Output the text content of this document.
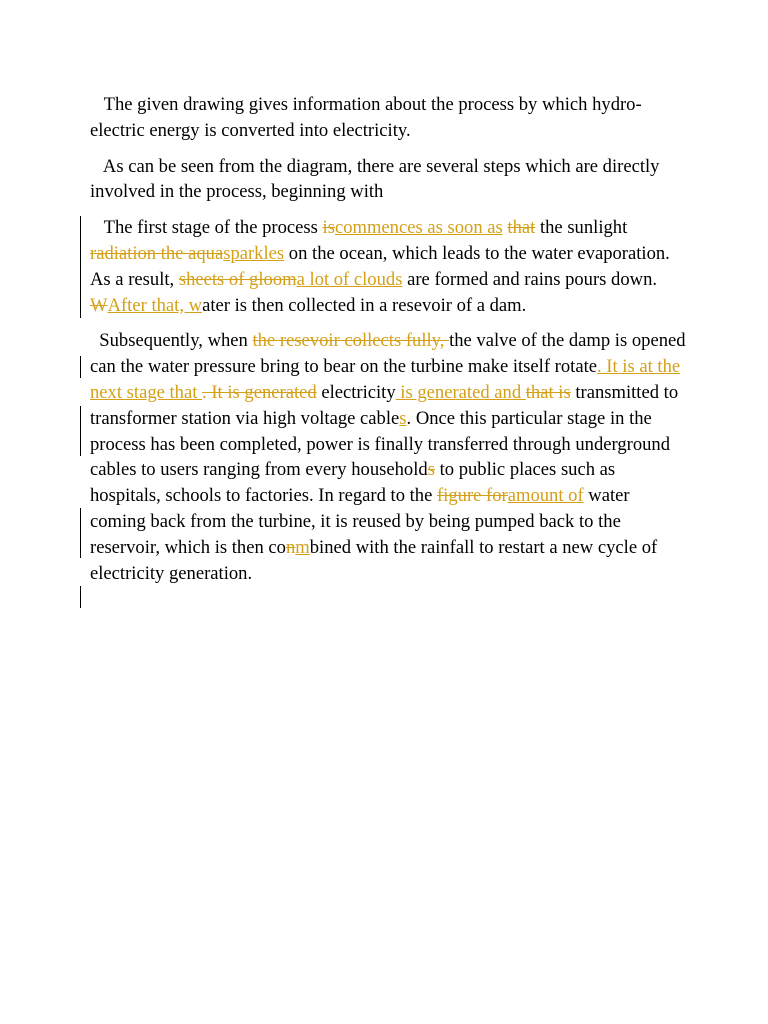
The given drawing gives information about the process by which hydro-electric energy is converted into electricity.

As can be seen from the diagram, there are several steps which are directly involved in the process, beginning with

The first stage of the process iscommences as soon as that the sunlight radiation the aquasparkles on the ocean, which leads to the water evaporation. As a result, sheets of glooma lot of clouds are formed and rains pours down. WAfter that, water is then collected in a resevoir of a dam.

Subsequently, when the resevoir collects fully, the valve of the damp is opened can the water pressure bring to bear on the turbine make itself rotate. It is at the next stage that . It is generated electricity is generated and that is transmitted to transformer station via high voltage cables. Once this particular stage in the process has been completed, power is finally transferred through underground cables to users ranging from every households to public places such as hospitals, schools to factories. In regard to the figure foramount of water coming back from the turbine, it is reused by being pumped back to the reservoir, which is then conmbined with the rainfall to restart a new cycle of electricity generation.
